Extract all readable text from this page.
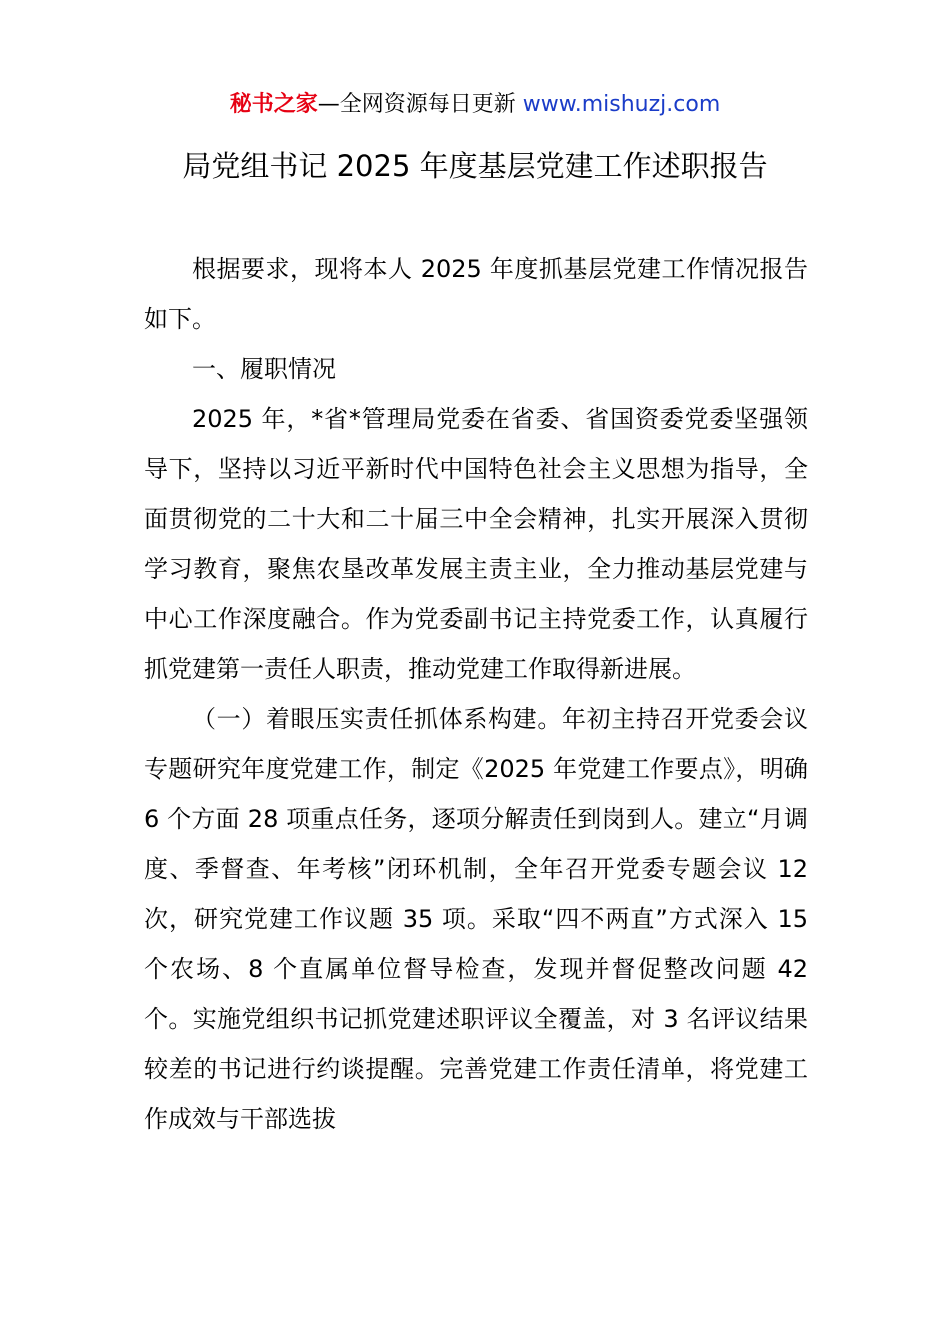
秘书之家—全网资源每日更新 www.mishuzj.com
局党组书记 2025 年度基层党建工作述职报告

根据要求，现将本人 2025 年度抓基层党建工作情况报告如下。

一、履职情况

2025 年，*省*管理局党委在省委、省国资委党委坚强领导下，坚持以习近平新时代中国特色社会主义思想为指导，全面贯彻党的二十大和二十届三中全会精神，扎实开展深入贯彻学习教育，聚焦农垦改革发展主责主业，全力推动基层党建与中心工作深度融合。作为党委副书记主持党委工作，认真履行抓党建第一责任人职责，推动党建工作取得新进展。

（一）着眼压实责任抓体系构建。年初主持召开党委会议专题研究年度党建工作，制定《2025 年党建工作要点》，明确 6 个方面 28 项重点任务，逐项分解责任到岗到人。建立“月调度、季督查、年考核”闭环机制，全年召开党委专题会议 12 次，研究党建工作议题 35 项。采取“四不两直”方式深入 15 个农场、8 个直属单位督导检查，发现并督促整改问题 42 个。实施党组织书记抓党建述职评议全覆盖，对 3 名评议结果较差的书记进行约谈提醒。完善党建工作责任清单，将党建工作成效与干部选拔
